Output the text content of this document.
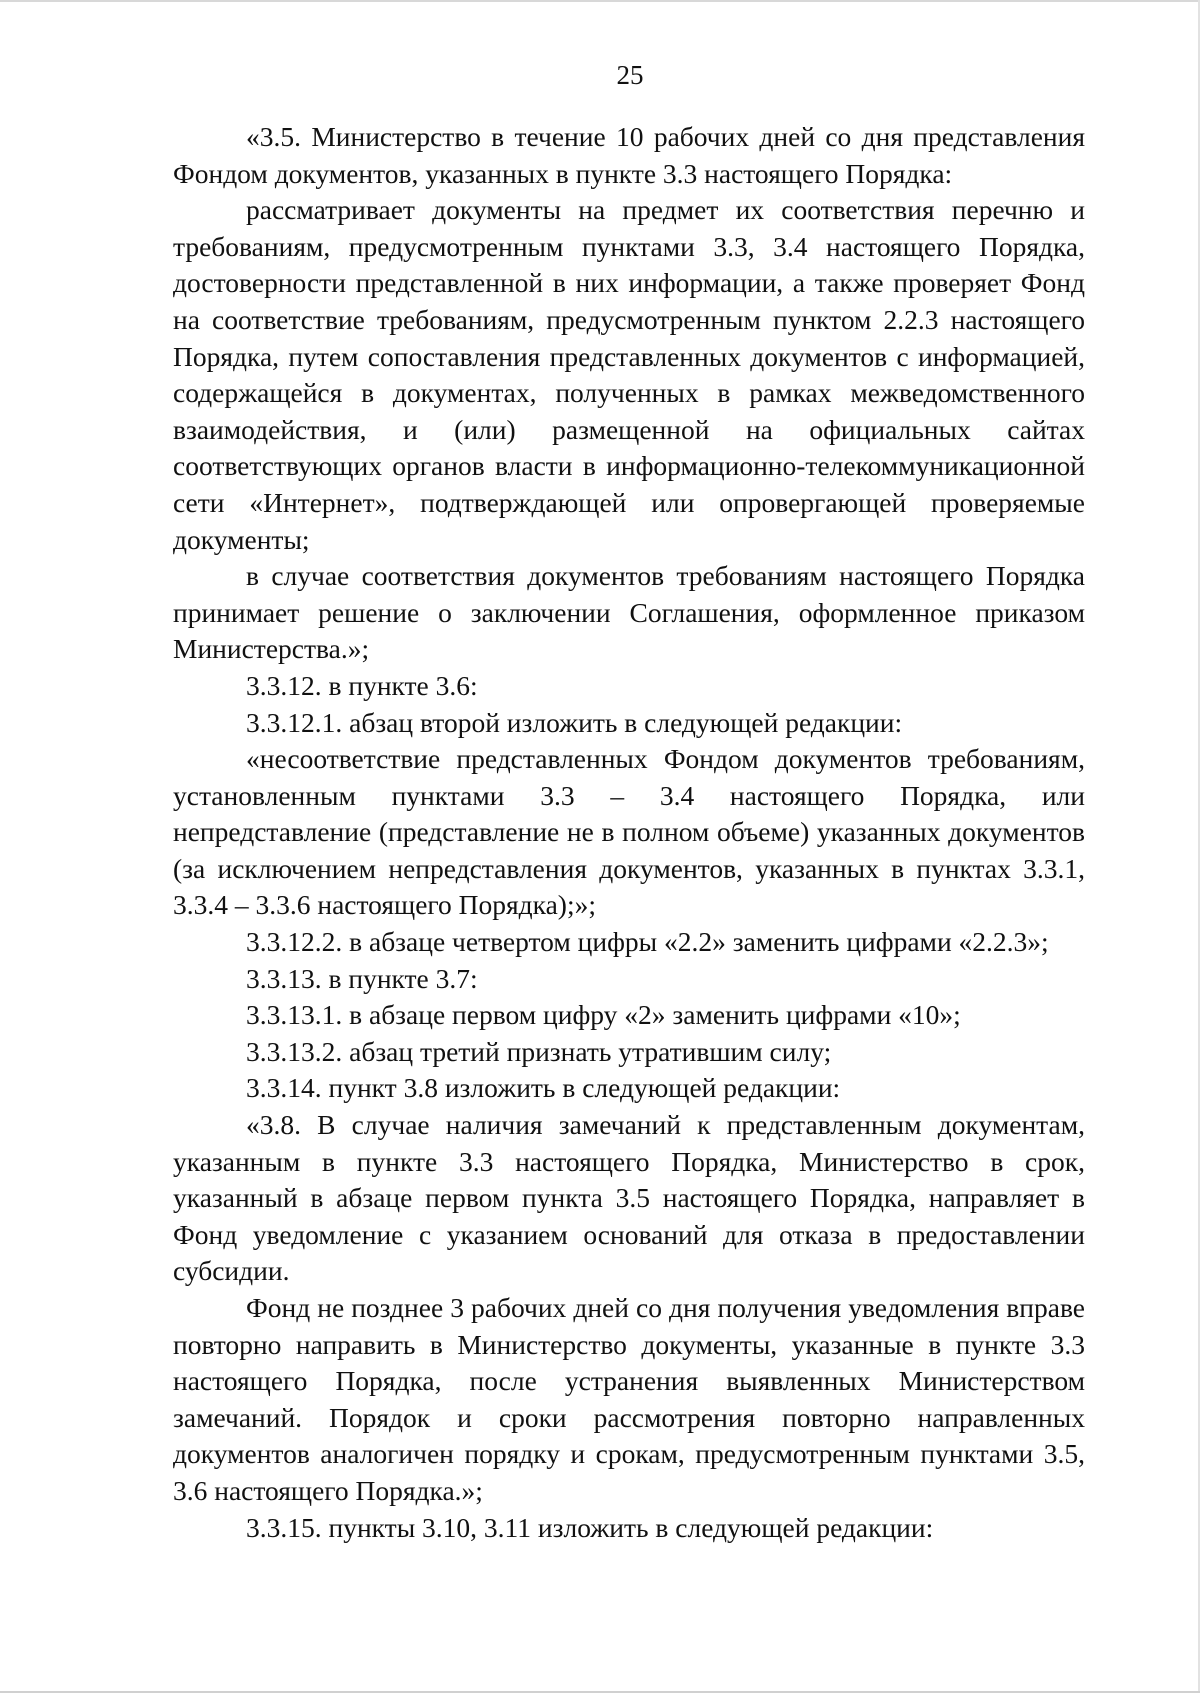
25

«3.5. Министерство в течение 10 рабочих дней со дня представления Фондом документов, указанных в пункте 3.3 настоящего Порядка:

рассматривает документы на предмет их соответствия перечню и требованиям, предусмотренным пунктами 3.3, 3.4 настоящего Порядка, достоверности представленной в них информации, а также проверяет Фонд на соответствие требованиям, предусмотренным пунктом 2.2.3 настоящего Порядка, путем сопоставления представленных документов с информацией, содержащейся в документах, полученных в рамках межведомственного взаимодействия, и (или) размещенной на официальных сайтах соответствующих органов власти в информационно-телекоммуникационной сети «Интернет», подтверждающей или опровергающей проверяемые документы;

в случае соответствия документов требованиям настоящего Порядка принимает решение о заключении Соглашения, оформленное приказом Министерства.»;

3.3.12. в пункте 3.6:

3.3.12.1. абзац второй изложить в следующей редакции:

«несоответствие представленных Фондом документов требованиям, установленным пунктами 3.3 – 3.4 настоящего Порядка, или непредставление (представление не в полном объеме) указанных документов (за исключением непредставления документов, указанных в пунктах 3.3.1, 3.3.4 – 3.3.6 настоящего Порядка);»;

3.3.12.2. в абзаце четвертом цифры «2.2» заменить цифрами «2.2.3»;

3.3.13. в пункте 3.7:

3.3.13.1. в абзаце первом цифру «2» заменить цифрами «10»;

3.3.13.2. абзац третий признать утратившим силу;

3.3.14. пункт 3.8 изложить в следующей редакции:

«3.8. В случае наличия замечаний к представленным документам, указанным в пункте 3.3 настоящего Порядка, Министерство в срок, указанный в абзаце первом пункта 3.5 настоящего Порядка, направляет в Фонд уведомление с указанием оснований для отказа в предоставлении субсидии.

Фонд не позднее 3 рабочих дней со дня получения уведомления вправе повторно направить в Министерство документы, указанные в пункте 3.3 настоящего Порядка, после устранения выявленных Министерством замечаний. Порядок и сроки рассмотрения повторно направленных документов аналогичен порядку и срокам, предусмотренным пунктами 3.5, 3.6 настоящего Порядка.»;

3.3.15. пункты 3.10, 3.11 изложить в следующей редакции:
